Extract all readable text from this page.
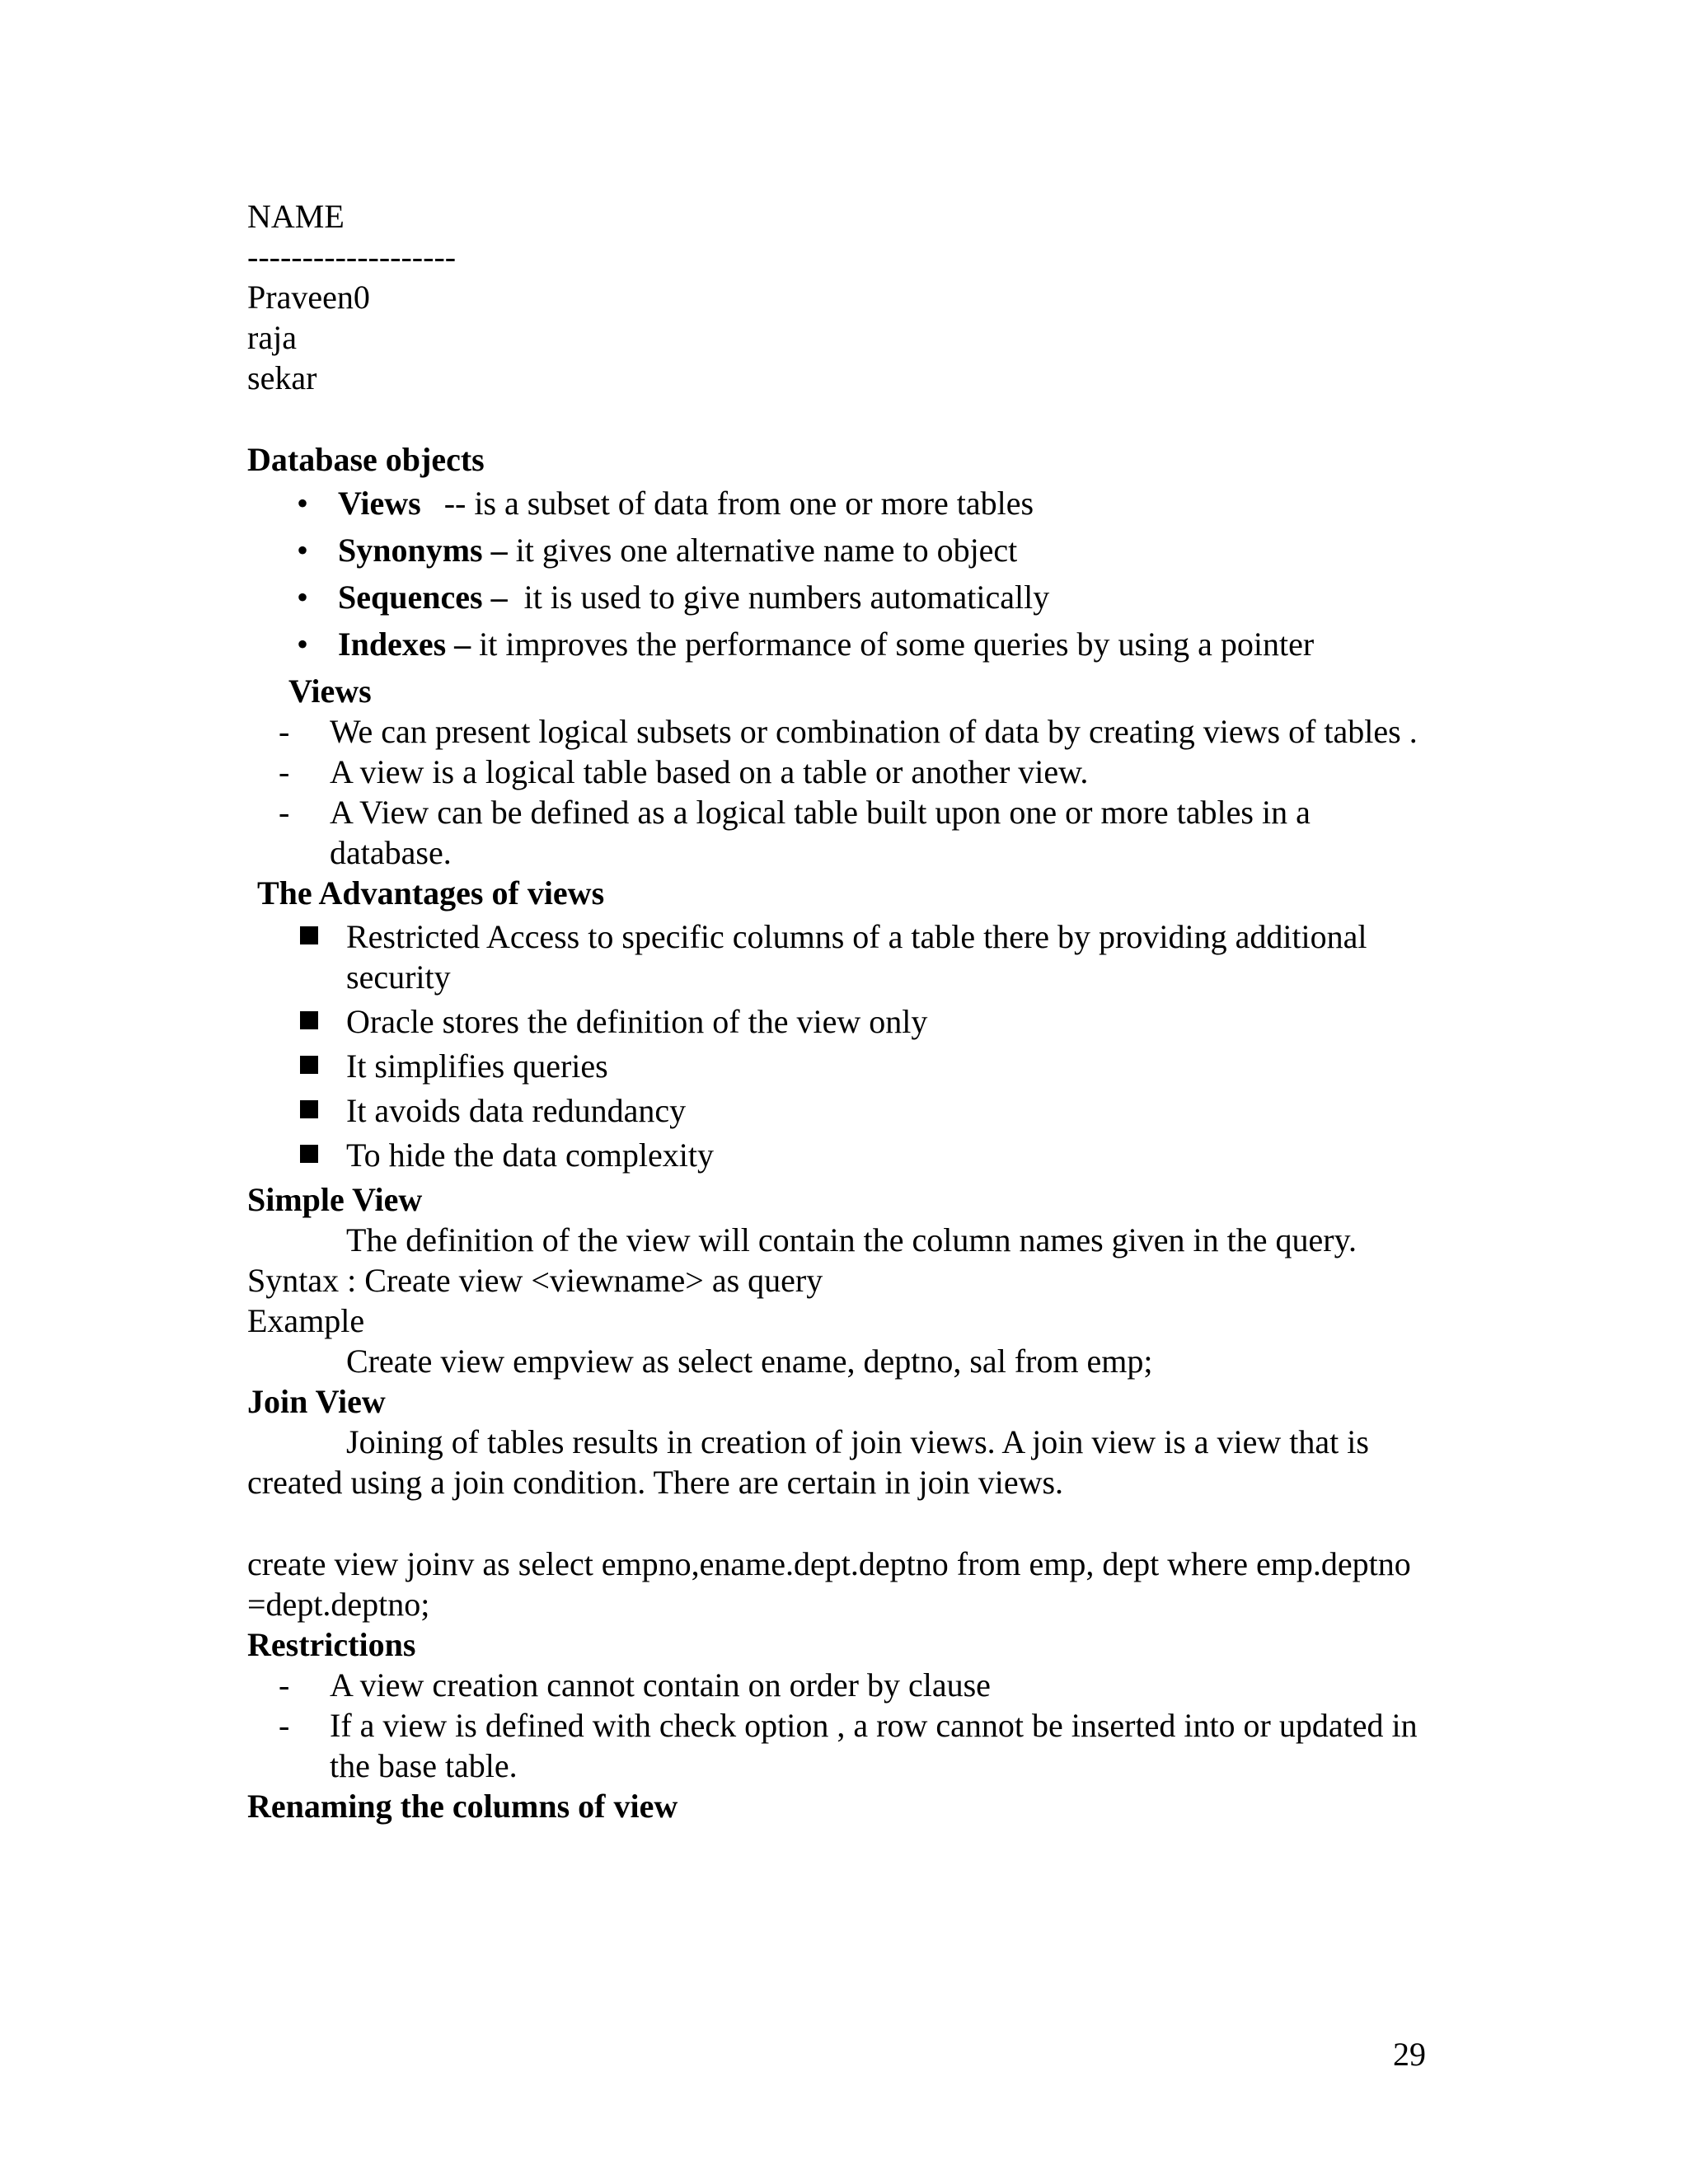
NAME
-------------------
Praveen0
raja
sekar
Database objects
• Views -- is a subset of data from one or more tables
• Synonyms – it gives one alternative name to object
• Sequences – it is used to give numbers automatically
• Indexes – it improves the performance of some queries by using a pointer
Views
- We can present logical subsets or combination of data by creating views of tables .
- A view is a logical table based on a table or another view.
- A View can be defined as a logical table built upon one or more tables in a database.
The Advantages of views
Restricted Access to specific columns of a table there by providing additional security
Oracle stores the definition of the view only
It simplifies queries
It avoids data redundancy
To hide the data complexity
Simple View
The definition of the view will contain the column names given in the query.
Syntax : Create view <viewname> as query
Example
Create view empview as select ename, deptno, sal from emp;
Join View
Joining of tables results in creation of join views. A join view is a view that is created using a join condition. There are certain in join views.
create view joinv as select empno,ename.dept.deptno from emp, dept where emp.deptno =dept.deptno;
Restrictions
- A view creation cannot contain on order by clause
- If a view is defined with check option , a row cannot be inserted into or updated in the base table.
Renaming the columns of view
29
